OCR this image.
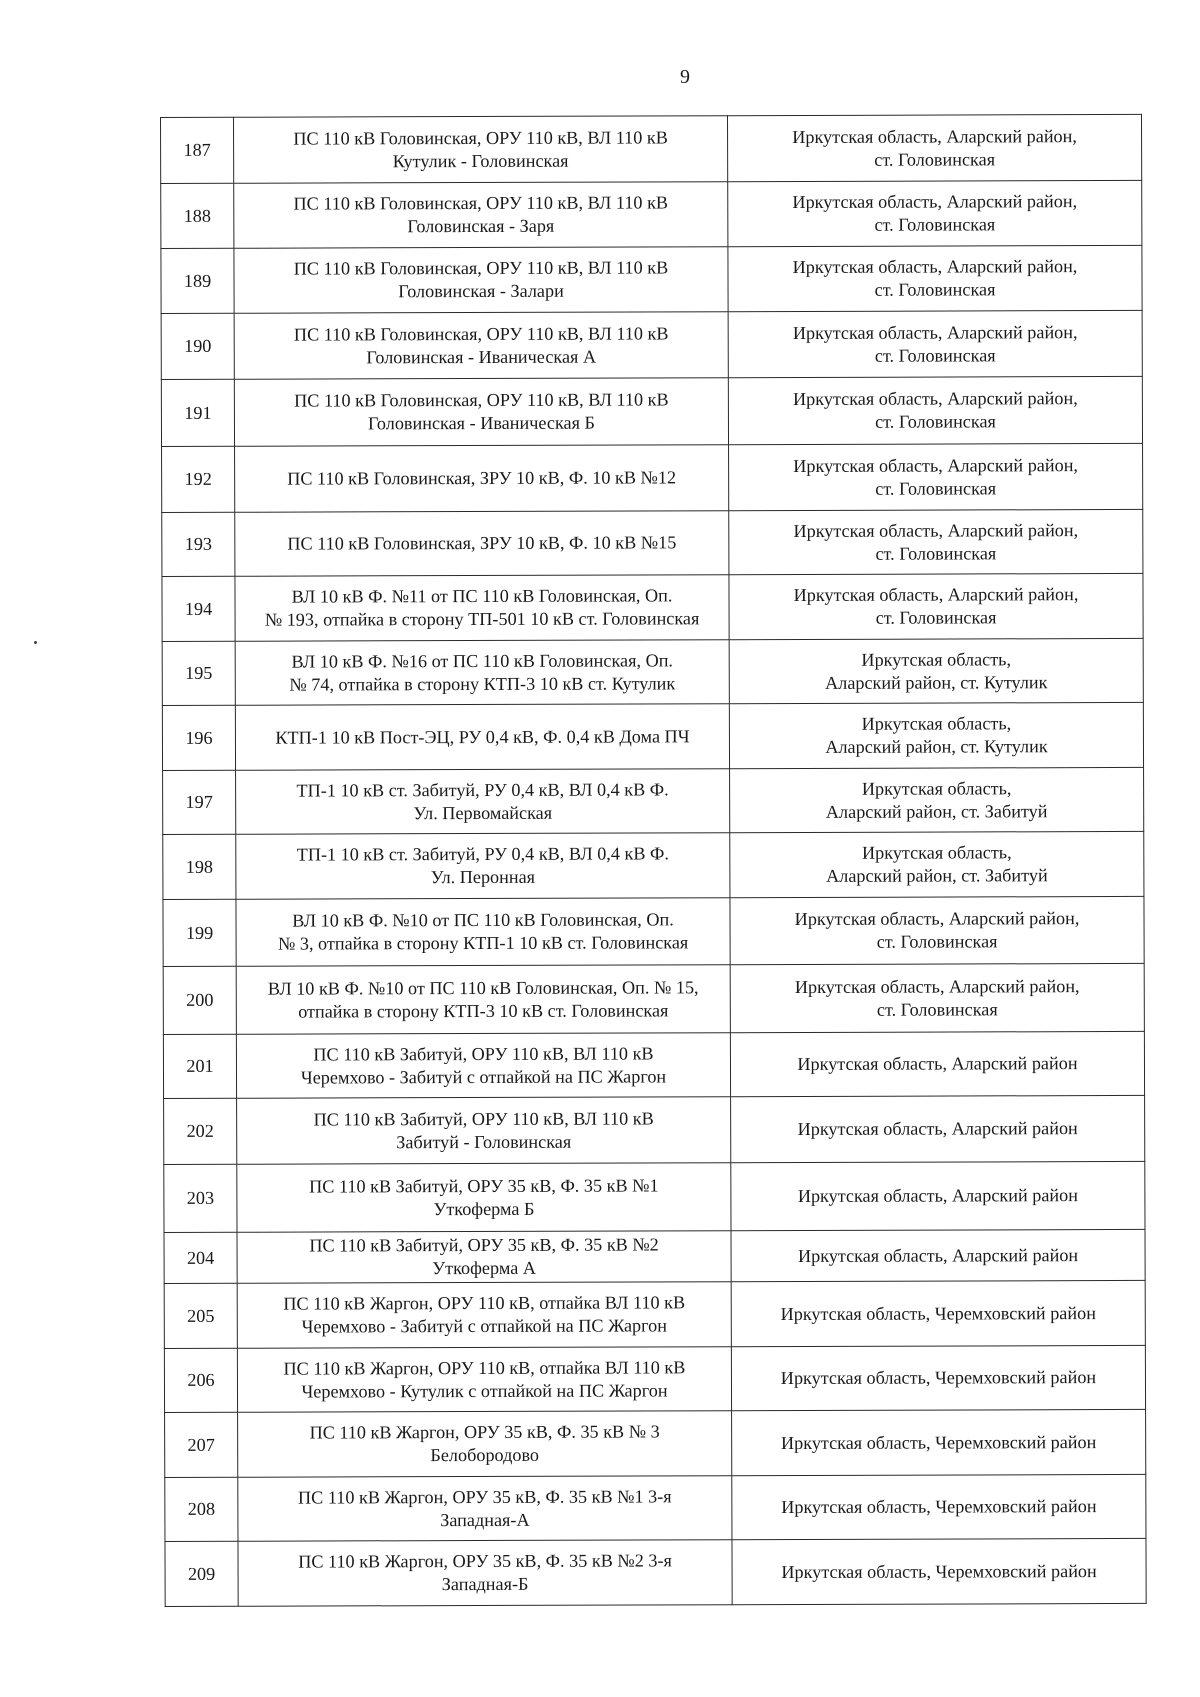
9
187	ПС 110 кВ Головинская, ОРУ 110 кВ, ВЛ 110 кВ
Кутулик - Головинская	Иркутская область, Аларский район,
ст. Головинская
188	ПС 110 кВ Головинская, ОРУ 110 кВ, ВЛ 110 кВ
Головинская - Заря	Иркутская область, Аларский район,
ст. Головинская
189	ПС 110 кВ Головинская, ОРУ 110 кВ, ВЛ 110 кВ
Головинская - Залари	Иркутская область, Аларский район,
ст. Головинская
190	ПС 110 кВ Головинская, ОРУ 110 кВ, ВЛ 110 кВ
Головинская - Иваническая А	Иркутская область, Аларский район,
ст. Головинская
191	ПС 110 кВ Головинская, ОРУ 110 кВ, ВЛ 110 кВ
Головинская - Иваническая Б	Иркутская область, Аларский район,
ст. Головинская
192	ПС 110 кВ Головинская, ЗРУ 10 кВ, Ф. 10 кВ №12	Иркутская область, Аларский район,
ст. Головинская
193	ПС 110 кВ Головинская, ЗРУ 10 кВ, Ф. 10 кВ №15	Иркутская область, Аларский район,
ст. Головинская
194	ВЛ 10 кВ Ф. №11 от ПС 110 кВ Головинская, Оп.
№ 193, отпайка в сторону ТП-501 10 кВ ст. Головинская	Иркутская область, Аларский район,
ст. Головинская
195	ВЛ 10 кВ Ф. №16 от ПС 110 кВ Головинская, Оп.
№ 74, отпайка в сторону КТП-3 10 кВ ст. Кутулик	Иркутская область,
Аларский район, ст. Кутулик
196	КТП-1 10 кВ Пост-ЭЦ, РУ 0,4 кВ, Ф. 0,4 кВ Дома ПЧ	Иркутская область,
Аларский район, ст. Кутулик
197	ТП-1 10 кВ ст. Забитуй, РУ 0,4 кВ, ВЛ 0,4 кВ Ф.
Ул. Первомайская	Иркутская область,
Аларский район, ст. Забитуй
198	ТП-1 10 кВ ст. Забитуй, РУ 0,4 кВ, ВЛ 0,4 кВ Ф.
Ул. Перонная	Иркутская область,
Аларский район, ст. Забитуй
199	ВЛ 10 кВ Ф. №10 от ПС 110 кВ Головинская, Оп.
№ 3, отпайка в сторону КТП-1 10 кВ ст. Головинская	Иркутская область, Аларский район,
ст. Головинская
200	ВЛ 10 кВ Ф. №10 от ПС 110 кВ Головинская, Оп. № 15,
отпайка в сторону КТП-3 10 кВ ст. Головинская	Иркутская область, Аларский район,
ст. Головинская
201	ПС 110 кВ Забитуй, ОРУ 110 кВ, ВЛ 110 кВ
Черемхово - Забитуй с отпайкой на ПС Жаргон	Иркутская область, Аларский район
202	ПС 110 кВ Забитуй, ОРУ 110 кВ, ВЛ 110 кВ
Забитуй - Головинская	Иркутская область, Аларский район
203	ПС 110 кВ Забитуй, ОРУ 35 кВ, Ф. 35 кВ №1
Уткоферма Б	Иркутская область, Аларский район
204	ПС 110 кВ Забитуй, ОРУ 35 кВ, Ф. 35 кВ №2
Уткоферма А	Иркутская область, Аларский район
205	ПС 110 кВ Жаргон, ОРУ 110 кВ, отпайка ВЛ 110 кВ
Черемхово - Забитуй с отпайкой на ПС Жаргон	Иркутская область, Черемховский район
206	ПС 110 кВ Жаргон, ОРУ 110 кВ, отпайка ВЛ 110 кВ
Черемхово - Кутулик с отпайкой на ПС Жаргон	Иркутская область, Черемховский район
207	ПС 110 кВ Жаргон, ОРУ 35 кВ, Ф. 35 кВ № 3
Белобородово	Иркутская область, Черемховский район
208	ПС 110 кВ Жаргон, ОРУ 35 кВ, Ф. 35 кВ №1 3-я
Западная-А	Иркутская область, Черемховский район
209	ПС 110 кВ Жаргон, ОРУ 35 кВ, Ф. 35 кВ №2 3-я
Западная-Б	Иркутская область, Черемховский район
